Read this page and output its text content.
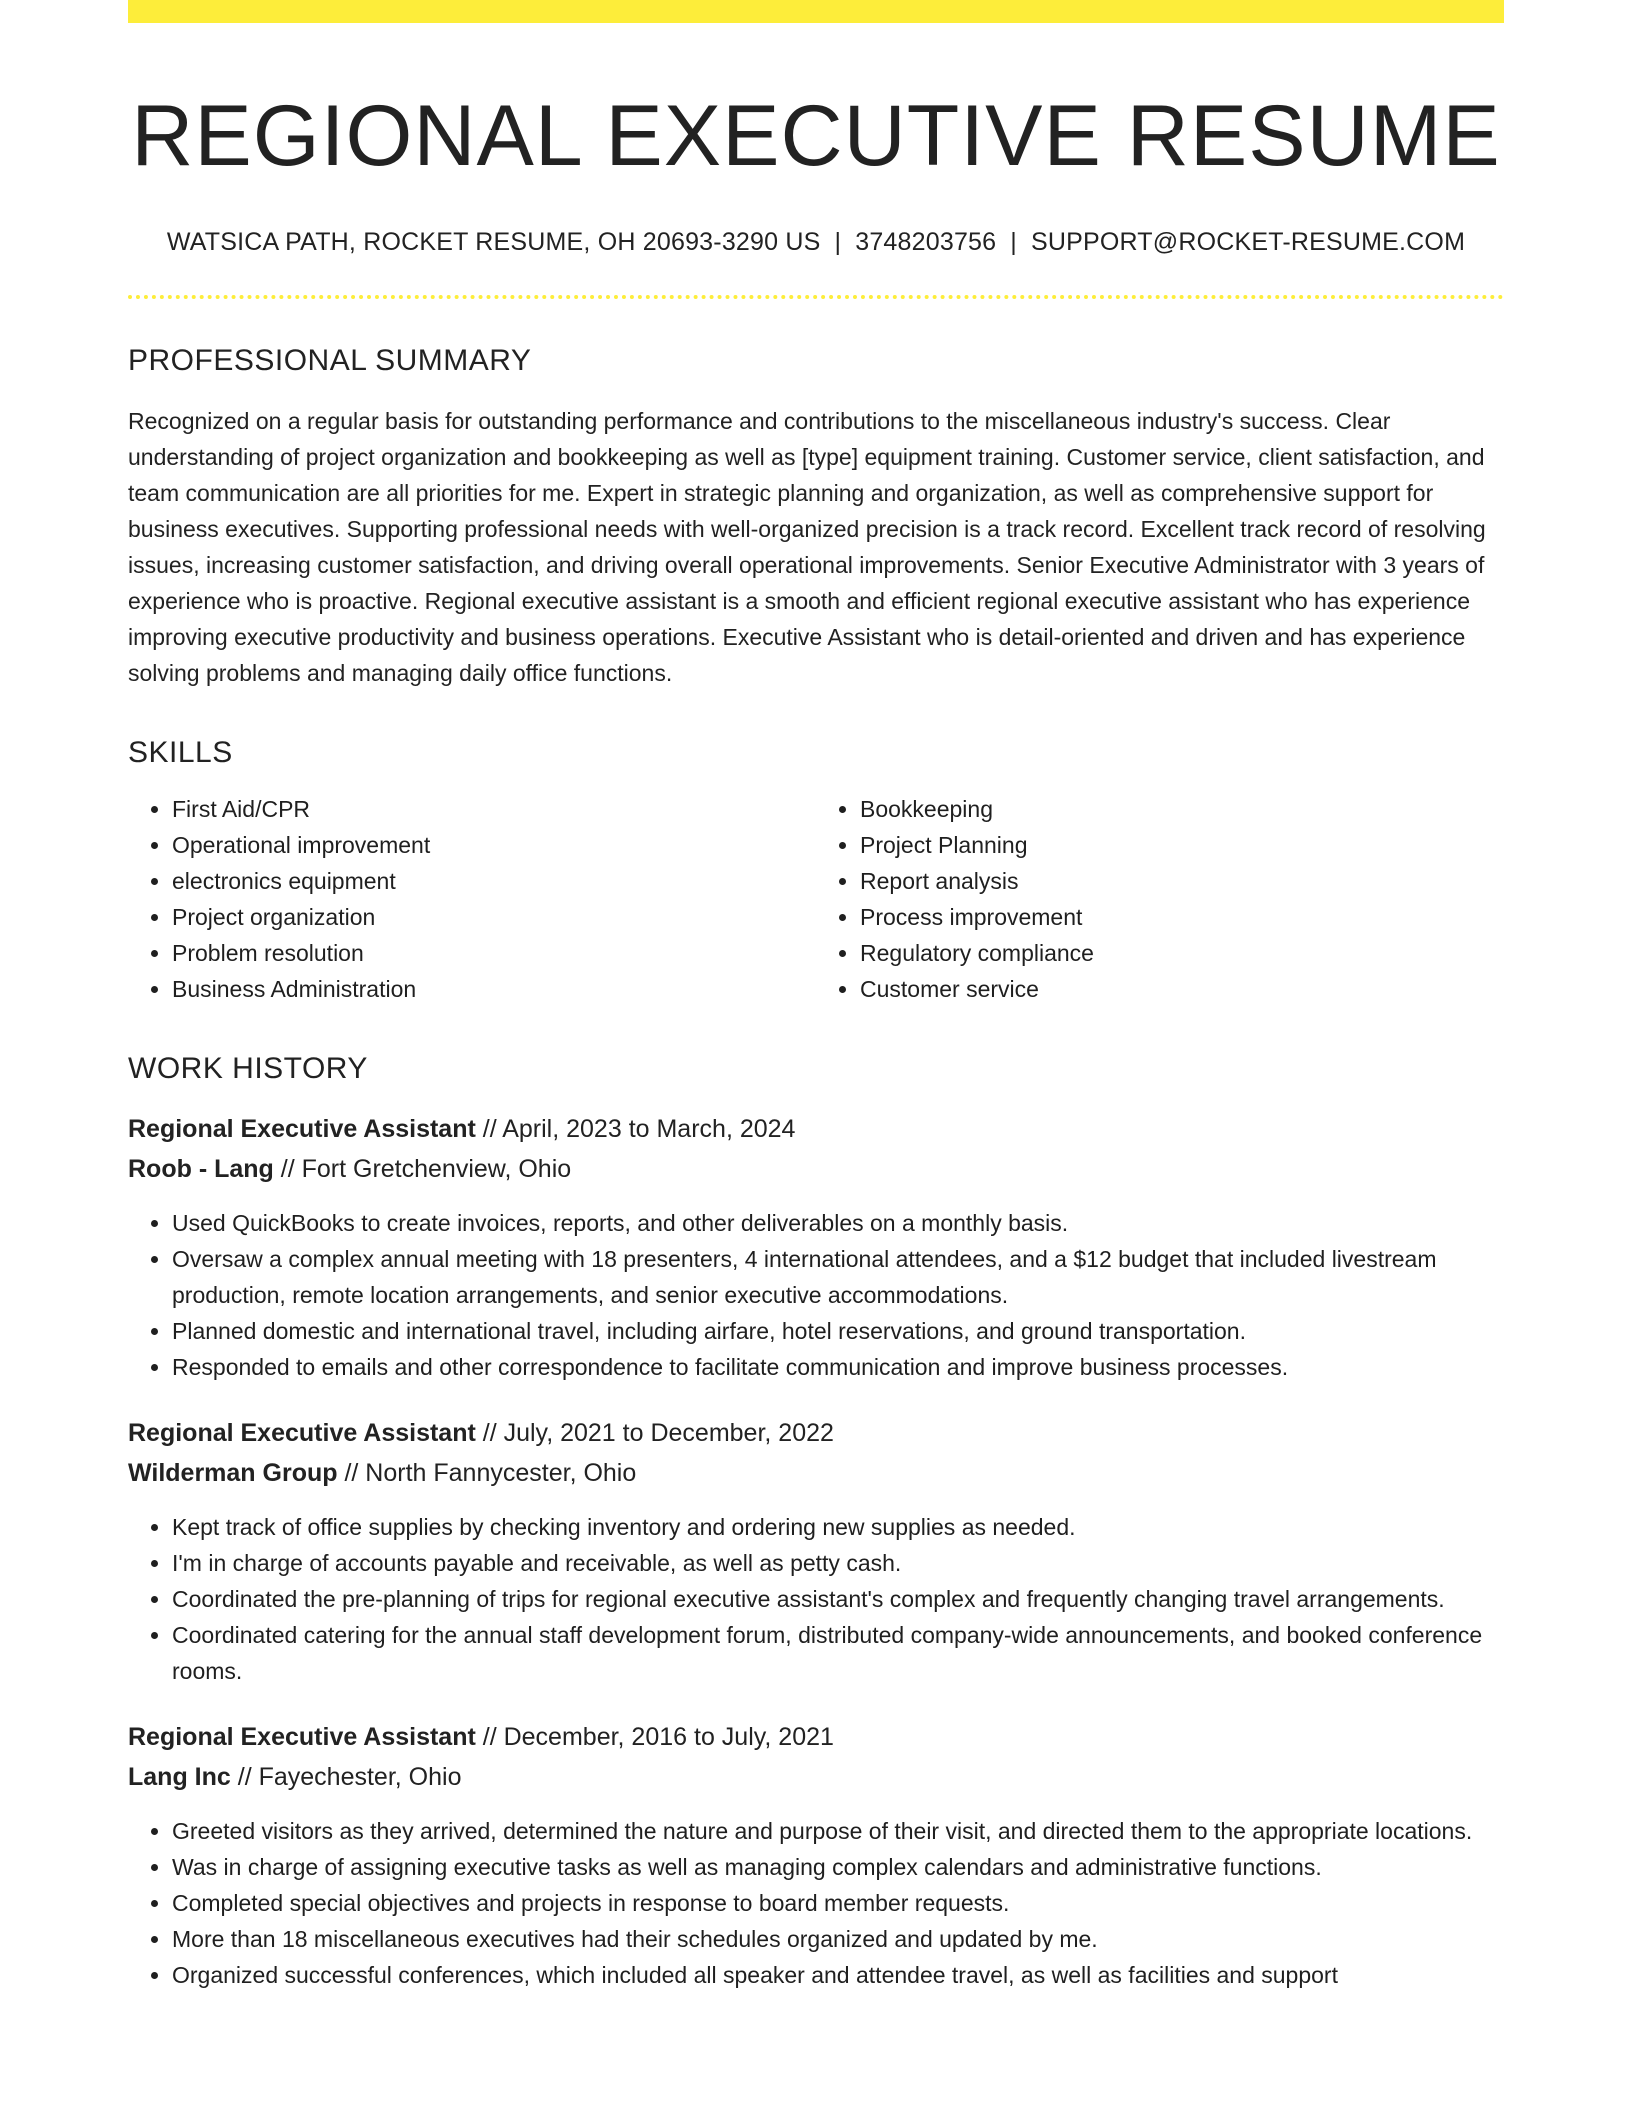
REGIONAL EXECUTIVE RESUME
WATSICA PATH, ROCKET RESUME, OH 20693-3290 US | 3748203756 | SUPPORT@ROCKET-RESUME.COM
PROFESSIONAL SUMMARY
Recognized on a regular basis for outstanding performance and contributions to the miscellaneous industry's success. Clear understanding of project organization and bookkeeping as well as [type] equipment training. Customer service, client satisfaction, and team communication are all priorities for me. Expert in strategic planning and organization, as well as comprehensive support for business executives. Supporting professional needs with well-organized precision is a track record. Excellent track record of resolving issues, increasing customer satisfaction, and driving overall operational improvements. Senior Executive Administrator with 3 years of experience who is proactive. Regional executive assistant is a smooth and efficient regional executive assistant who has experience improving executive productivity and business operations. Executive Assistant who is detail-oriented and driven and has experience solving problems and managing daily office functions.
SKILLS
• First Aid/CPR
• Operational improvement
• electronics equipment
• Project organization
• Problem resolution
• Business Administration
• Bookkeeping
• Project Planning
• Report analysis
• Process improvement
• Regulatory compliance
• Customer service
WORK HISTORY
Regional Executive Assistant // April, 2023 to March, 2024
Roob - Lang // Fort Gretchenview, Ohio
• Used QuickBooks to create invoices, reports, and other deliverables on a monthly basis.
• Oversaw a complex annual meeting with 18 presenters, 4 international attendees, and a $12 budget that included livestream production, remote location arrangements, and senior executive accommodations.
• Planned domestic and international travel, including airfare, hotel reservations, and ground transportation.
• Responded to emails and other correspondence to facilitate communication and improve business processes.
Regional Executive Assistant // July, 2021 to December, 2022
Wilderman Group // North Fannycester, Ohio
• Kept track of office supplies by checking inventory and ordering new supplies as needed.
• I'm in charge of accounts payable and receivable, as well as petty cash.
• Coordinated the pre-planning of trips for regional executive assistant's complex and frequently changing travel arrangements.
• Coordinated catering for the annual staff development forum, distributed company-wide announcements, and booked conference rooms.
Regional Executive Assistant // December, 2016 to July, 2021
Lang Inc // Fayechester, Ohio
• Greeted visitors as they arrived, determined the nature and purpose of their visit, and directed them to the appropriate locations.
• Was in charge of assigning executive tasks as well as managing complex calendars and administrative functions.
• Completed special objectives and projects in response to board member requests.
• More than 18 miscellaneous executives had their schedules organized and updated by me.
• Organized successful conferences, which included all speaker and attendee travel, as well as facilities and support
